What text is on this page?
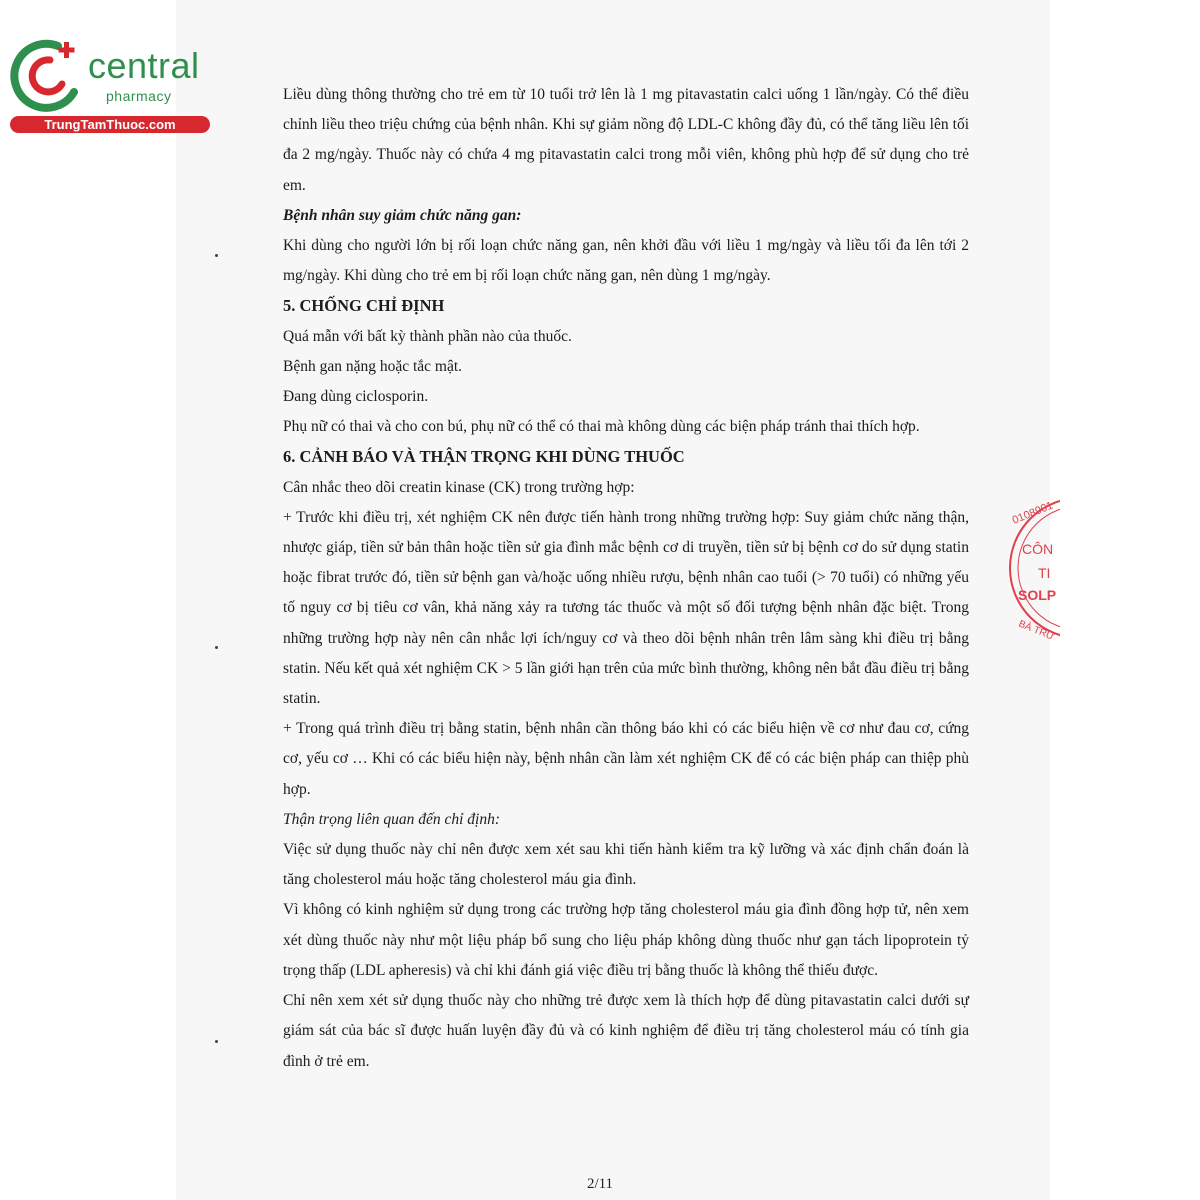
central
pharmacy
TrungTamThuoc.com

Liều dùng thông thường cho trẻ em từ 10 tuổi trở lên là 1 mg pitavastatin calci uống 1 lần/ngày. Có thể điều chỉnh liều theo triệu chứng của bệnh nhân. Khi sự giảm nồng độ LDL-C không đầy đủ, có thể tăng liều lên tối đa 2 mg/ngày. Thuốc này có chứa 4 mg pitavastatin calci trong mỗi viên, không phù hợp để sử dụng cho trẻ em.

Bệnh nhân suy giảm chức năng gan:

Khi dùng cho người lớn bị rối loạn chức năng gan, nên khởi đầu với liều 1 mg/ngày và liều tối đa lên tới 2 mg/ngày. Khi dùng cho trẻ em bị rối loạn chức năng gan, nên dùng 1 mg/ngày.

5. CHỐNG CHỈ ĐỊNH

Quá mẫn với bất kỳ thành phần nào của thuốc.

Bệnh gan nặng hoặc tắc mật.

Đang dùng ciclosporin.

Phụ nữ có thai và cho con bú, phụ nữ có thể có thai mà không dùng các biện pháp tránh thai thích hợp.

6. CẢNH BÁO VÀ THẬN TRỌNG KHI DÙNG THUỐC

Cân nhắc theo dõi creatin kinase (CK) trong trường hợp:

+ Trước khi điều trị, xét nghiệm CK nên được tiến hành trong những trường hợp: Suy giảm chức năng thận, nhược giáp, tiền sử bản thân hoặc tiền sử gia đình mắc bệnh cơ di truyền, tiền sử bị bệnh cơ do sử dụng statin hoặc fibrat trước đó, tiền sử bệnh gan và/hoặc uống nhiều rượu, bệnh nhân cao tuổi (> 70 tuổi) có những yếu tố nguy cơ bị tiêu cơ vân, khả năng xảy ra tương tác thuốc và một số đối tượng bệnh nhân đặc biệt. Trong những trường hợp này nên cân nhắc lợi ích/nguy cơ và theo dõi bệnh nhân trên lâm sàng khi điều trị bằng statin. Nếu kết quả xét nghiệm CK > 5 lần giới hạn trên của mức bình thường, không nên bắt đầu điều trị bằng statin.

+ Trong quá trình điều trị bằng statin, bệnh nhân cần thông báo khi có các biểu hiện về cơ như đau cơ, cứng cơ, yếu cơ … Khi có các biểu hiện này, bệnh nhân cần làm xét nghiệm CK để có các biện pháp can thiệp phù hợp.

Thận trọng liên quan đến chỉ định:

Việc sử dụng thuốc này chỉ nên được xem xét sau khi tiến hành kiểm tra kỹ lưỡng và xác định chẩn đoán là tăng cholesterol máu hoặc tăng cholesterol máu gia đình.

Vì không có kinh nghiệm sử dụng trong các trường hợp tăng cholesterol máu gia đình đồng hợp tử, nên xem xét dùng thuốc này như một liệu pháp bổ sung cho liệu pháp không dùng thuốc như gạn tách lipoprotein tỷ trọng thấp (LDL apheresis) và chỉ khi đánh giá việc điều trị bằng thuốc là không thể thiếu được.

Chỉ nên xem xét sử dụng thuốc này cho những trẻ được xem là thích hợp để dùng pitavastatin calci dưới sự giám sát của bác sĩ được huấn luyện đầy đủ và có kinh nghiệm để điều trị tăng cholesterol máu có tính gia đình ở trẻ em.

0108901
CÔN
TI
SOLP
BÀ TRƯ
2/11
